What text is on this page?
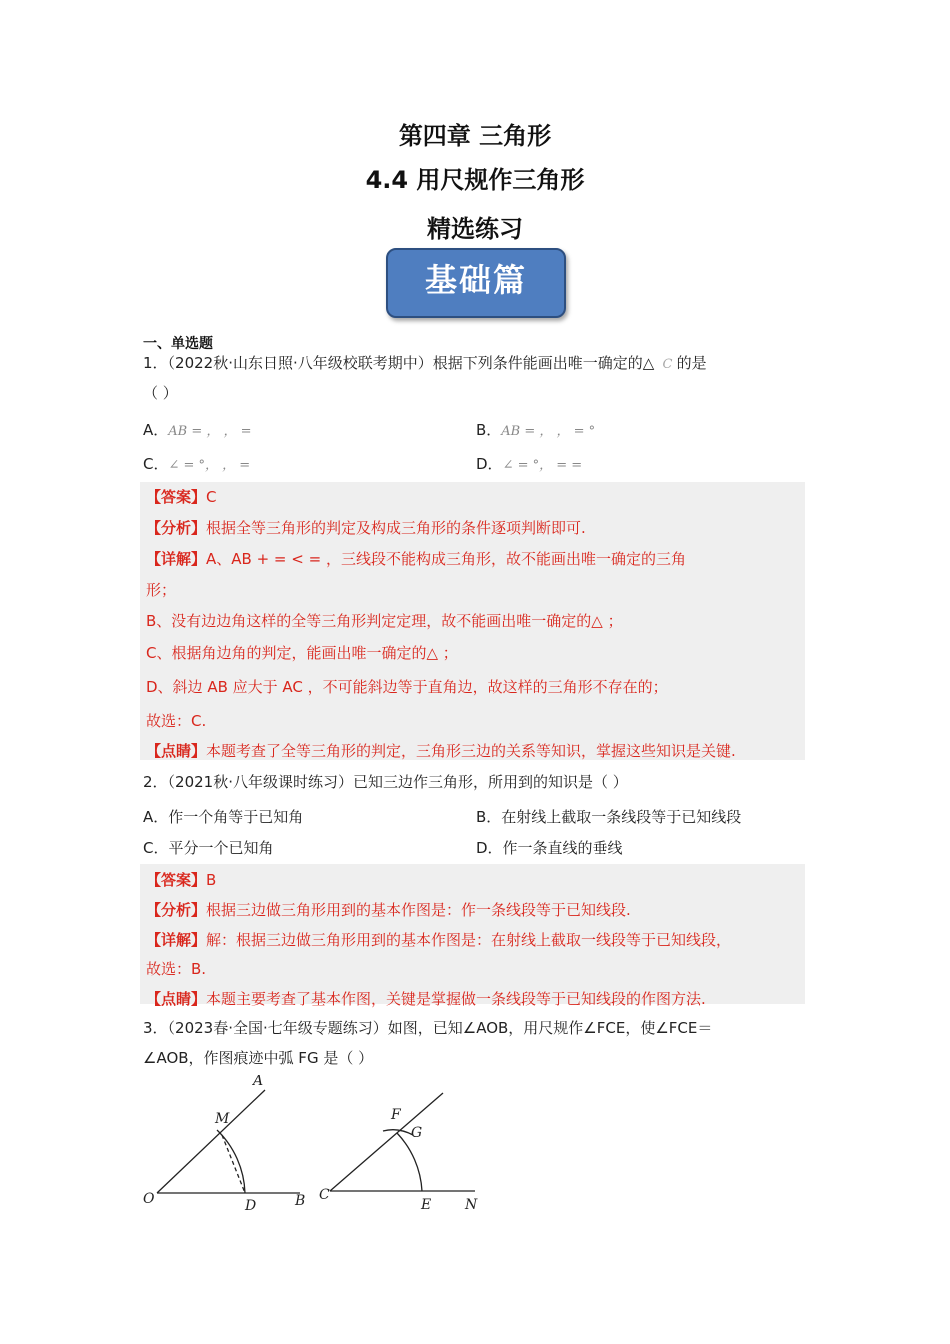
第四章 三角形
4.4 用尺规作三角形
精选练习
基础篇
一、单选题
1．（2022秋·山东日照·八年级校联考期中）根据下列条件能画出唯一确定的△  C 的是
（ ）
A．AB = ， ， =	B．AB = ， ， = °
C．∠ = °， ， =	D．∠ = °， = =
【答案】C
【分析】根据全等三角形的判定及构成三角形的条件逐项判断即可.
【详解】A、AB + = < = ，三线段不能构成三角形，故不能画出唯一确定的三角
形；
B、没有边边角这样的全等三角形判定定理，故不能画出唯一确定的△ ；
C、根据角边角的判定，能画出唯一确定的△ ；
D、斜边 AB 应大于 AC ，不可能斜边等于直角边，故这样的三角形不存在的；
故选：C.
【点睛】本题考查了全等三角形的判定，三角形三边的关系等知识，掌握这些知识是关键.
2．（2021秋·八年级课时练习）已知三边作三角形，所用到的知识是（ ）
A．作一个角等于已知角	B．在射线上截取一条线段等于已知线段
C．平分一个已知角	D．作一条直线的垂线
【答案】B
【分析】根据三边做三角形用到的基本作图是：作一条线段等于已知线段.
【详解】解：根据三边做三角形用到的基本作图是：在射线上截取一线段等于已知线段，
故选：B.
【点睛】本题主要考查了基本作图，关键是掌握做一条线段等于已知线段的作图方法.
3．（2023春·全国·七年级专题练习）如图，已知∠AOB，用尺规作∠FCE，使∠FCE＝
∠AOB，作图痕迹中弧 FG 是（ ）
A
M
O	D	B
F
G
C
E N
